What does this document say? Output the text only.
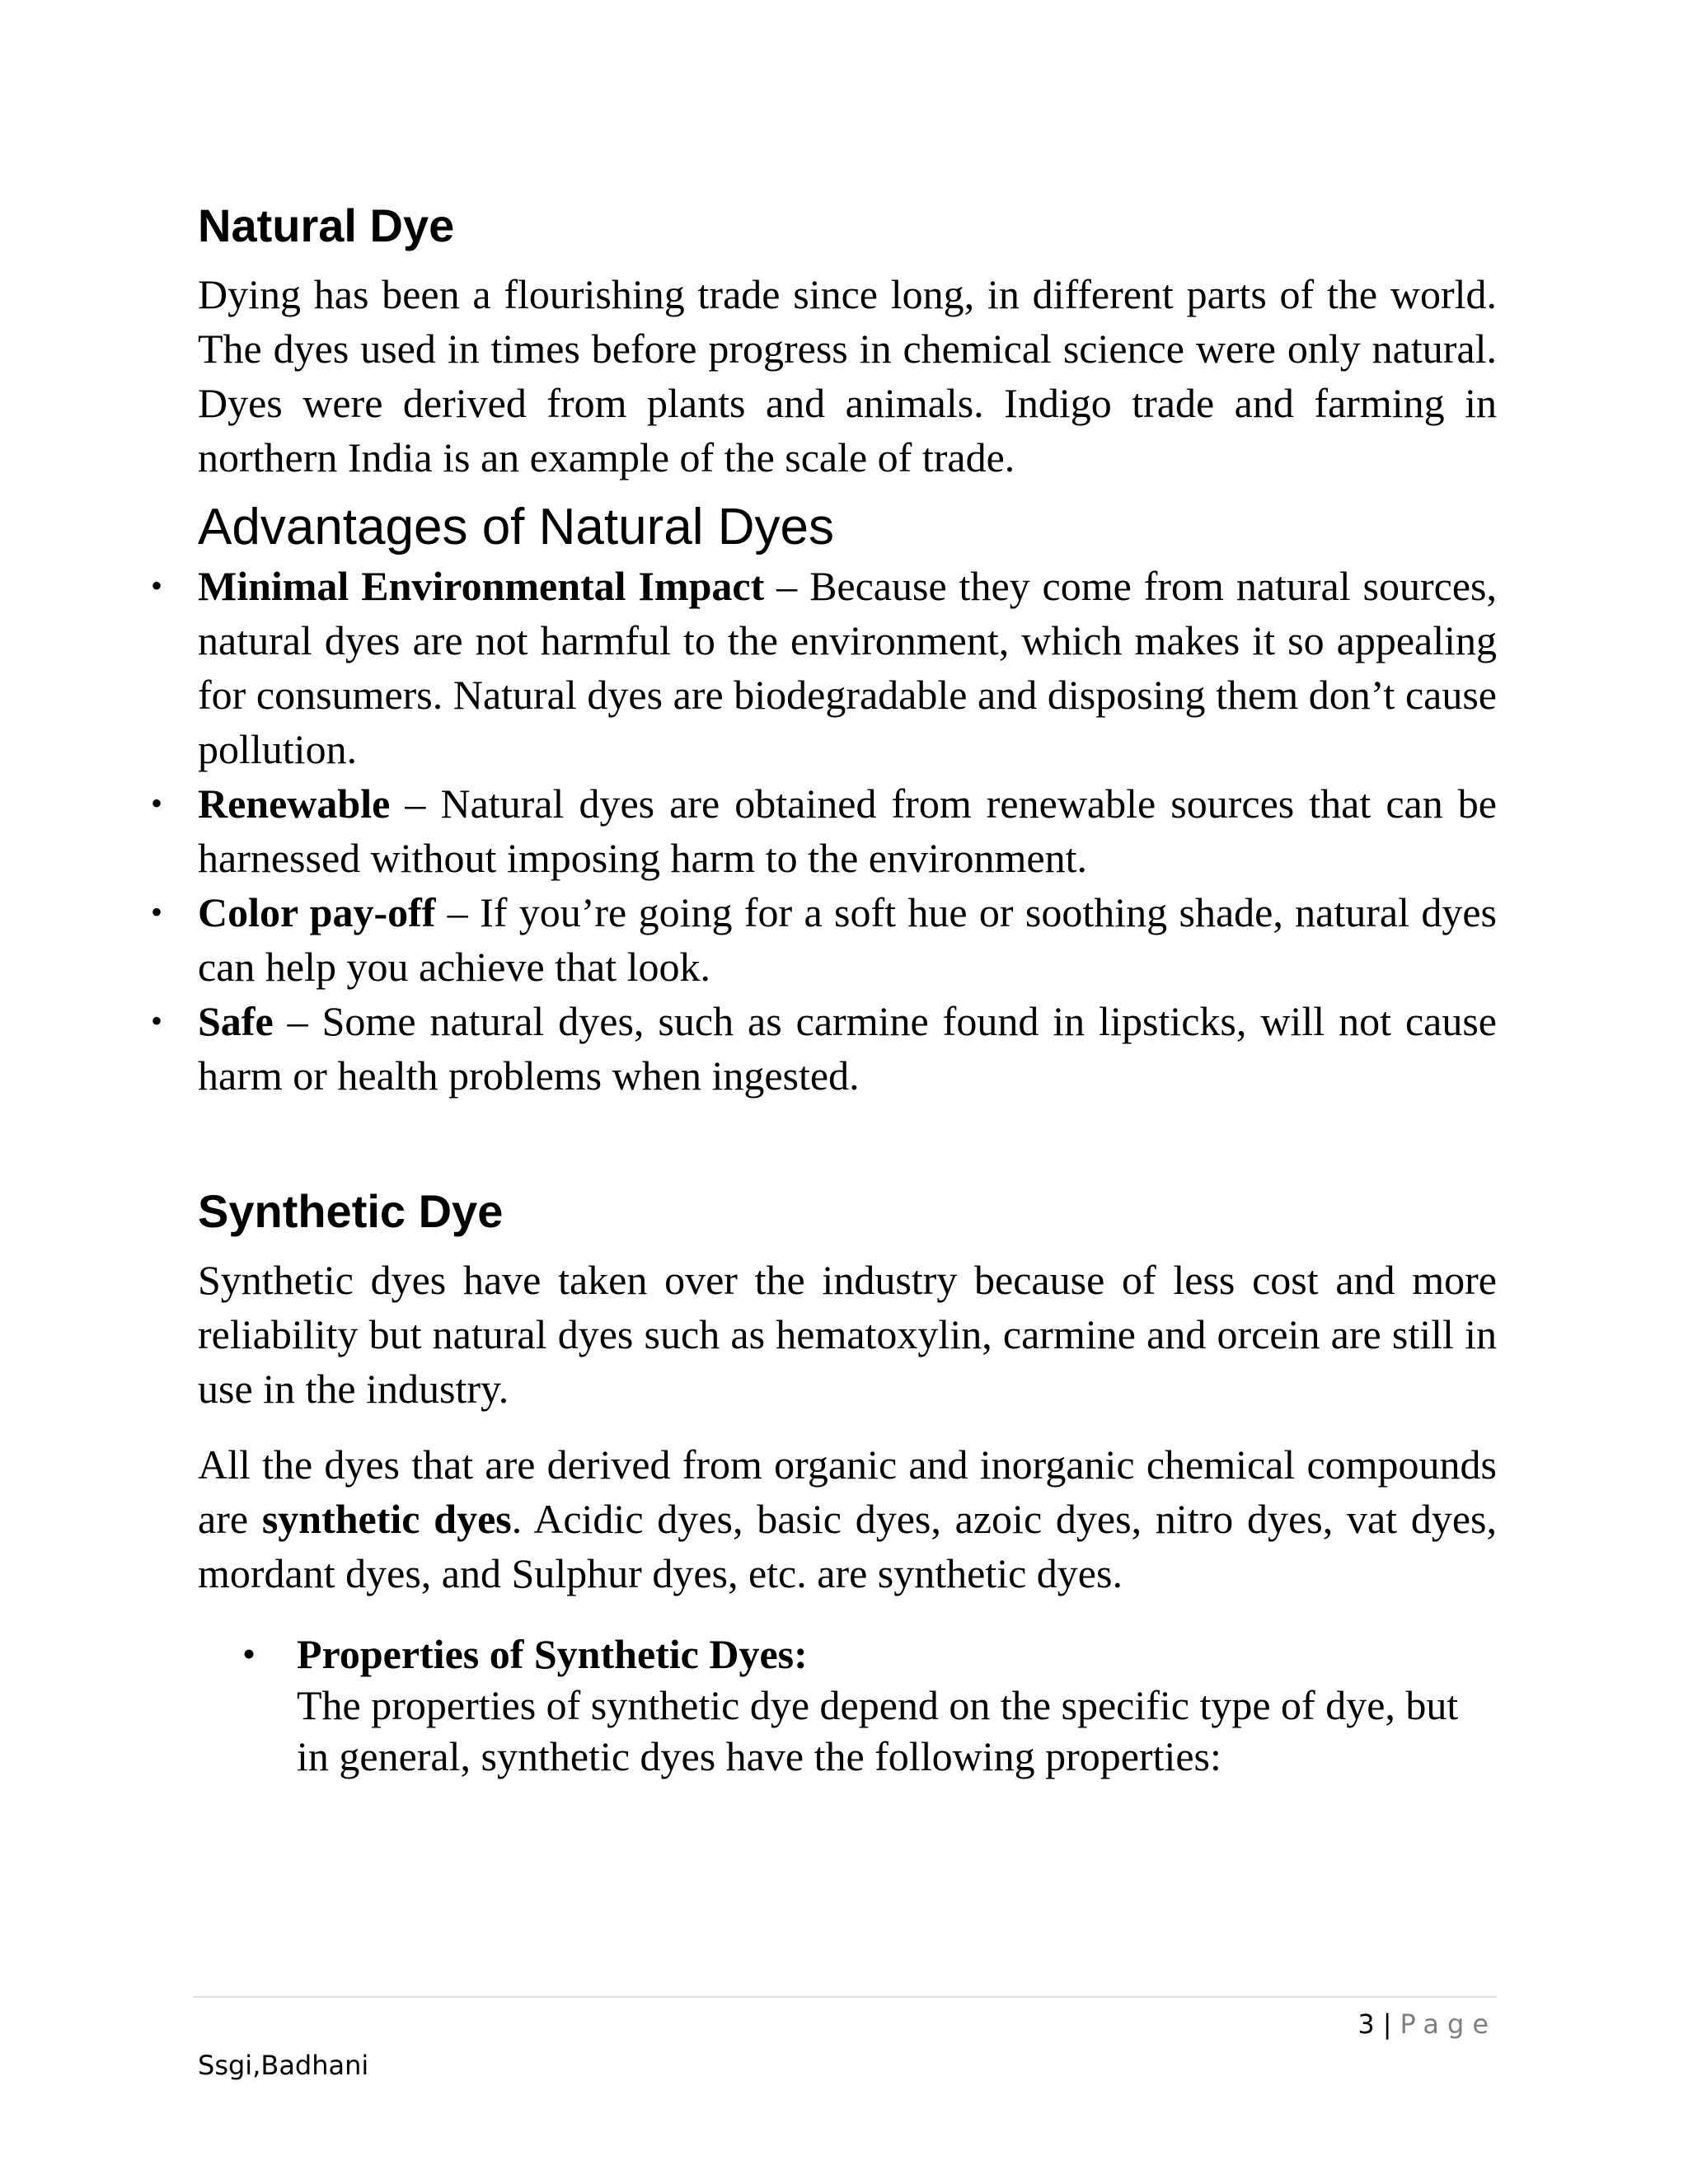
Natural Dye

Dying has been a flourishing trade since long, in different parts of the world. The dyes used in times before progress in chemical science were only natural. Dyes were derived from plants and animals. Indigo trade and farming in northern India is an example of the scale of trade.

Advantages of Natural Dyes
• Minimal Environmental Impact – Because they come from natural sources, natural dyes are not harmful to the environment, which makes it so appealing for consumers. Natural dyes are biodegradable and disposing them don’t cause pollution.
• Renewable – Natural dyes are obtained from renewable sources that can be harnessed without imposing harm to the environment.
• Color pay-off – If you’re going for a soft hue or soothing shade, natural dyes can help you achieve that look.
• Safe – Some natural dyes, such as carmine found in lipsticks, will not cause harm or health problems when ingested.
Synthetic Dye

Synthetic dyes have taken over the industry because of less cost and more reliability but natural dyes such as hematoxylin, carmine and orcein are still in use in the industry.

All the dyes that are derived from organic and inorganic chemical compounds are synthetic dyes. Acidic dyes, basic dyes, azoic dyes, nitro dyes, vat dyes, mordant dyes, and Sulphur dyes, etc. are synthetic dyes.

• Properties of Synthetic Dyes:
The properties of synthetic dye depend on the specific type of dye, but in general, synthetic dyes have the following properties:
3 | Page
Ssgi,Badhani
